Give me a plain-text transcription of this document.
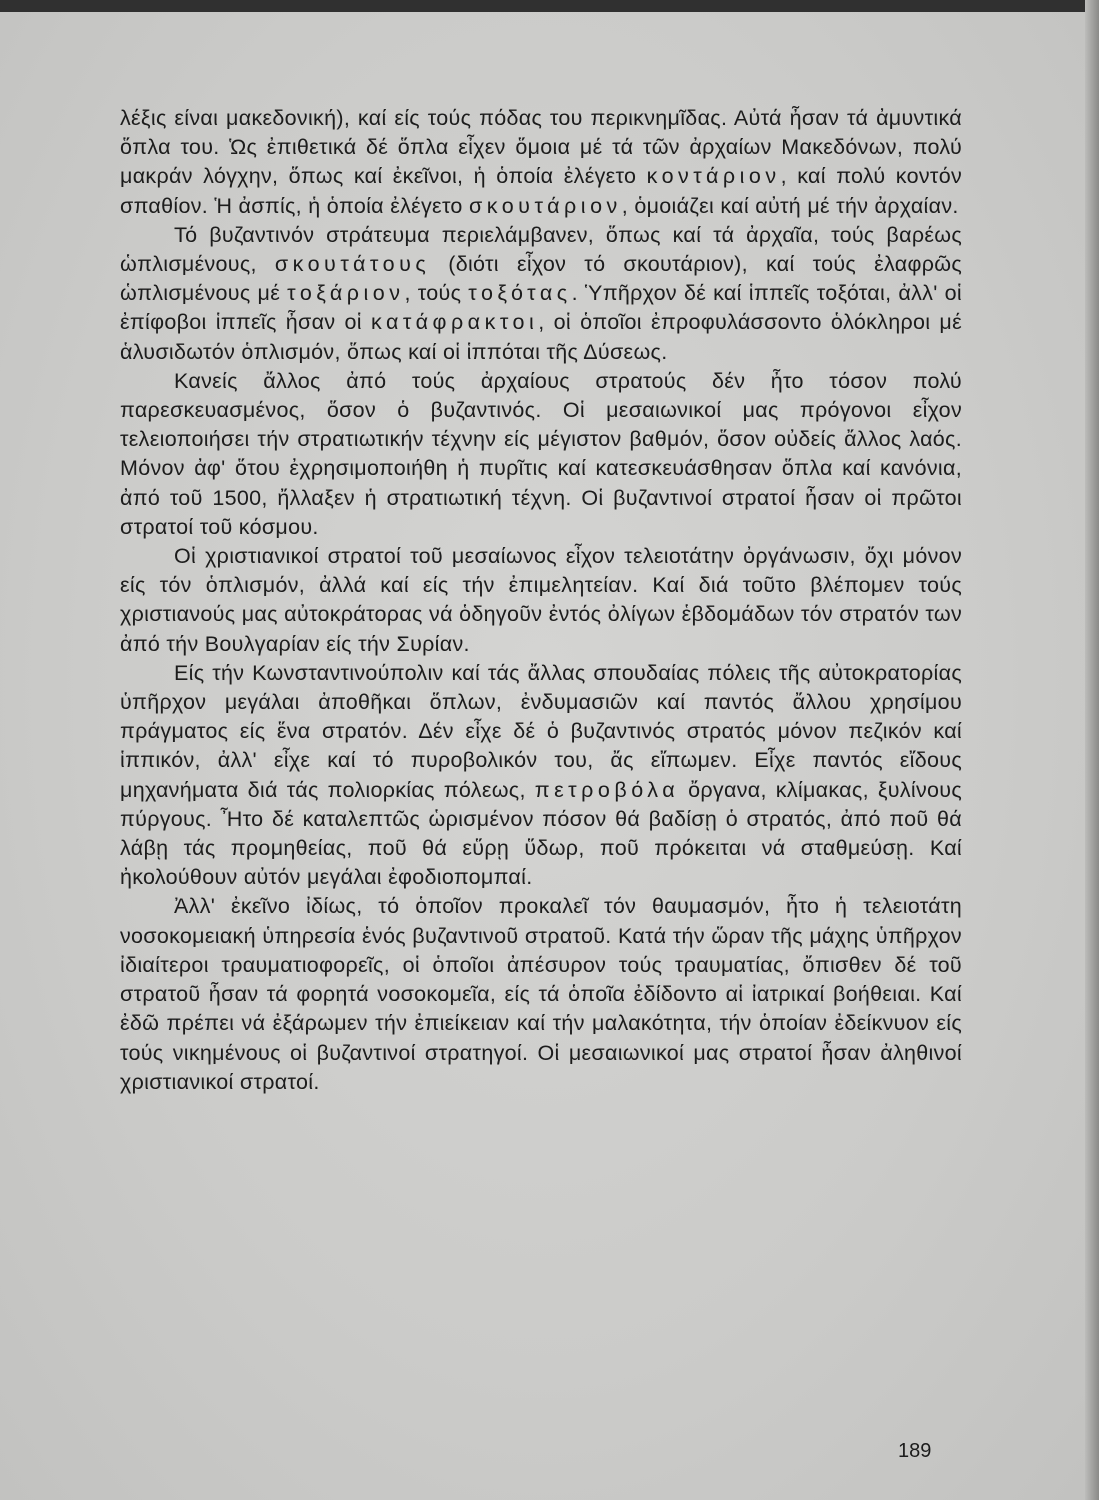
λέξις είναι μακεδονική), καί είς τούς πόδας του περικνημῖδας. Αὐτά ἦσαν τά ἀμυντικά ὅπλα του. Ὡς ἐπιθετικά δέ ὅπλα εἶχεν ὅμοια μέ τά τῶν ἀρχαίων Μακεδόνων, πολύ μακράν λόγχην, ὅπως καί ἐκεῖνοι, ἡ ὁποία ἐλέγετο κοντάριον, καί πολύ κοντόν σπαθίον. Ἡ ἀσπίς, ἡ ὁποία ἐλέγετο σκουτάριον, ὁμοιάζει καί αὐτή μέ τήν ἀρχαίαν.

Τό βυζαντινόν στράτευμα περιελάμβανεν, ὅπως καί τά ἀρχαῖα, τούς βαρέως ὡπλισμένους, σκουτάτους (διότι εἶχον τό σκουτάριον), καί τούς ἐλαφρῶς ὡπλισμένους μέ τοξάριον, τούς τοξότας. Ὑπῆρχον δέ καί ἱππεῖς τοξόται, ἀλλ' οἱ ἐπίφοβοι ἱππεῖς ἦσαν οἱ κατάφρακτοι, οἱ ὁποῖοι ἐπροφυλάσσοντο ὁλόκληροι μέ ἁλυσιδωτόν ὁπλισμόν, ὅπως καί οἱ ἱππόται τῆς Δύσεως.

Κανείς ἄλλος ἀπό τούς ἀρχαίους στρατούς δέν ἦτο τόσον πολύ παρεσκευασμένος, ὅσον ὁ βυζαντινός. Οἱ μεσαιωνικοί μας πρόγονοι εἶχον τελειοποιήσει τήν στρατιωτικήν τέχνην είς μέγιστον βαθμόν, ὅσον οὐδείς ἄλλος λαός. Μόνον ἀφ' ὅτου ἐχρησιμοποιήθη ἡ πυρῖτις καί κατεσκευάσθησαν ὅπλα καί κανόνια, ἀπό τοῦ 1500, ἤλλαξεν ἡ στρατιωτική τέχνη. Οἱ βυζαντινοί στρατοί ἦσαν οἱ πρῶτοι στρατοί τοῦ κόσμου.

Οἱ χριστιανικοί στρατοί τοῦ μεσαίωνος εἶχον τελειοτάτην ὀργάνωσιν, ὄχι μόνον είς τόν ὁπλισμόν, ἀλλά καί είς τήν ἐπιμελητείαν. Καί διά τοῦτο βλέπομεν τούς χριστιανούς μας αὐτοκράτορας νά ὁδηγοῦν ἐντός ὀλίγων ἑβδομάδων τόν στρατόν των ἀπό τήν Βουλγαρίαν είς τήν Συρίαν.

Είς τήν Κωνσταντινούπολιν καί τάς ἄλλας σπουδαίας πόλεις τῆς αὐτοκρατορίας ὑπῆρχον μεγάλαι ἀποθῆκαι ὅπλων, ἐνδυμασιῶν καί παντός ἄλλου χρησίμου πράγματος είς ἕνα στρατόν. Δέν εἶχε δέ ὁ βυζαντινός στρατός μόνον πεζικόν καί ἱππικόν, ἀλλ' εἶχε καί τό πυροβολικόν του, ἄς εἴπωμεν. Εἶχε παντός εἴδους μηχανήματα διά τάς πολιορκίας πόλεως, πετροβόλα ὄργανα, κλίμακας, ξυλίνους πύργους. Ἦτο δέ καταλεπτῶς ὡρισμένον πόσον θά βαδίσῃ ὁ στρατός, ἀπό ποῦ θά λάβῃ τάς προμηθείας, ποῦ θά εὕρῃ ὕδωρ, ποῦ πρόκειται νά σταθμεύσῃ. Καί ἠκολούθουν αὐτόν μεγάλαι ἐφοδιοπομπαί.

Ἀλλ' ἐκεῖνο ἰδίως, τό ὁποῖον προκαλεῖ τόν θαυμασμόν, ἦτο ἡ τελειοτάτη νοσοκομειακή ὑπηρεσία ἑνός βυζαντινοῦ στρατοῦ. Κατά τήν ὥραν τῆς μάχης ὑπῆρχον ἰδιαίτεροι τραυματιοφορεῖς, οἱ ὁποῖοι ἀπέσυρον τούς τραυματίας, ὄπισθεν δέ τοῦ στρατοῦ ἦσαν τά φορητά νοσοκομεῖα, είς τά ὁποῖα ἐδίδοντο αἱ ἰατρικαί βοήθειαι. Καί ἐδῶ πρέπει νά ἐξάρωμεν τήν ἐπιείκειαν καί τήν μαλακότητα, τήν ὁποίαν ἐδείκνυον είς τούς νικημένους οἱ βυζαντινοί στρατηγοί. Οἱ μεσαιωνικοί μας στρατοί ἦσαν ἀληθινοί χριστιανικοί στρατοί.

189
